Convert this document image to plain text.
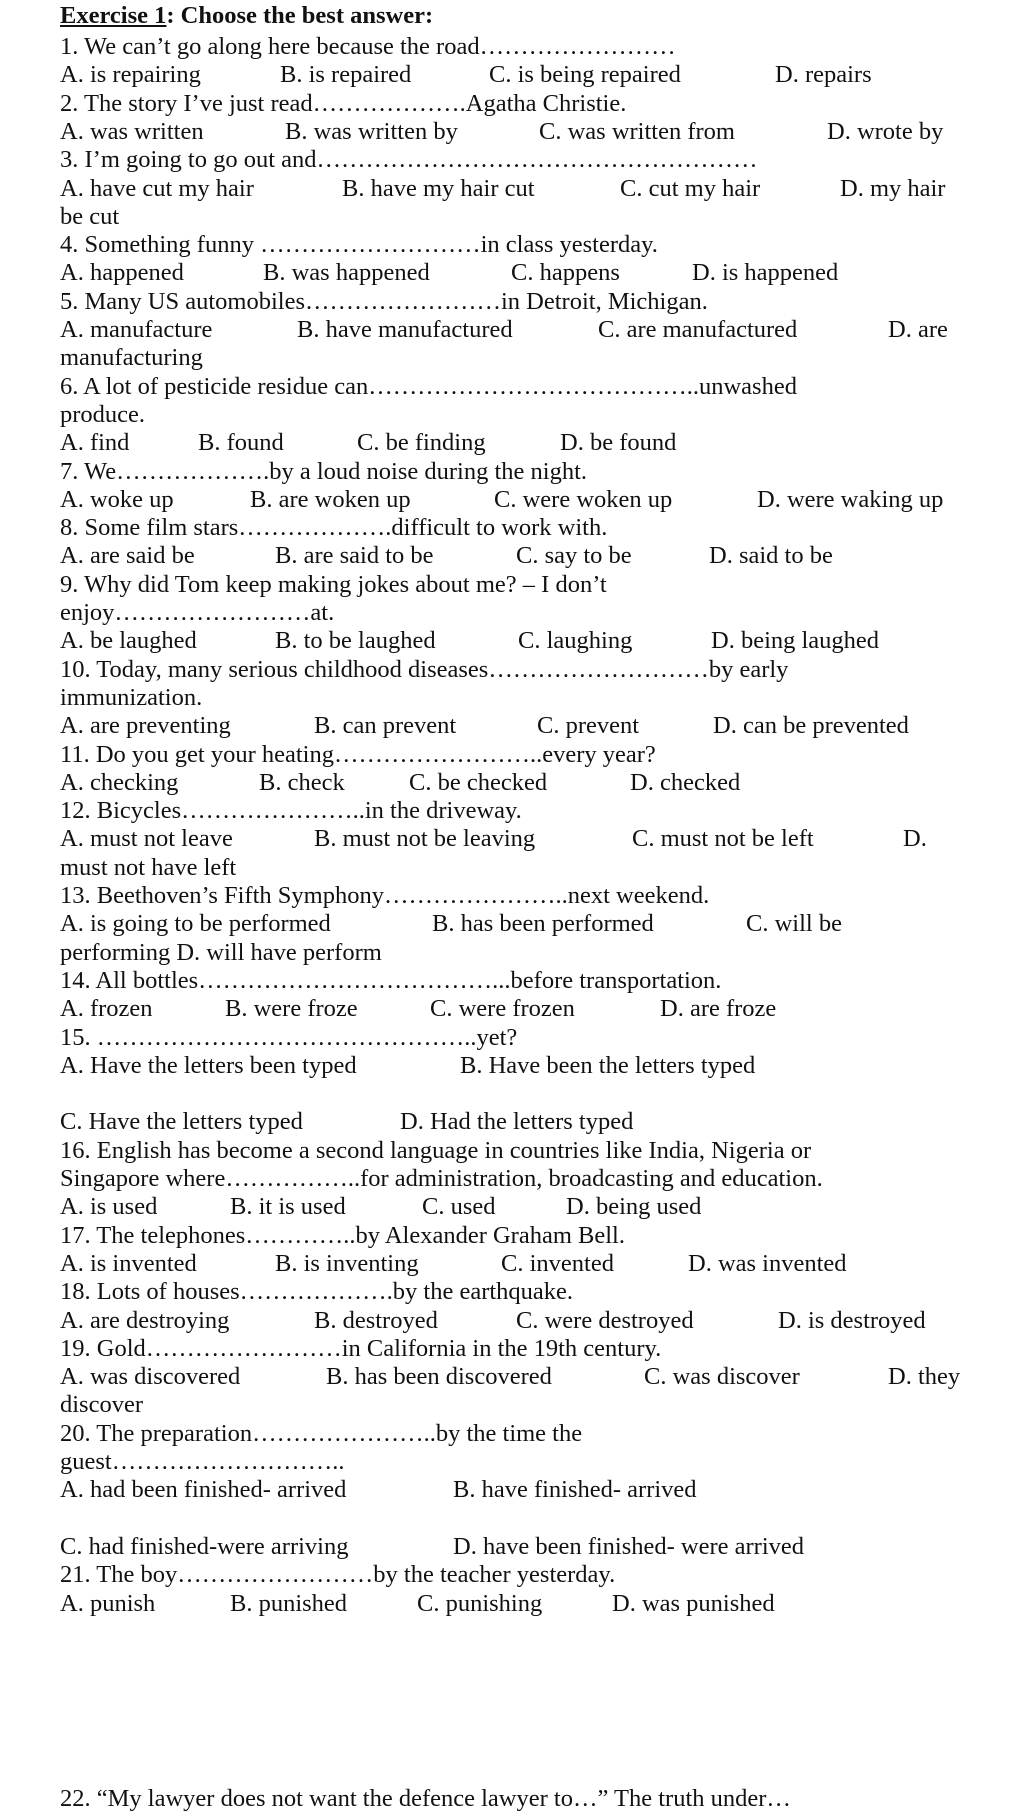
Exercise 1: Choose the best answer:
1. We can’t go along here because the road……………………
A. is repairing	B. is repaired	C. is being repaired	D. repairs
2. The story I’ve just read……………….Agatha Christie.
A. was written	B. was written by	C. was written from	D. wrote by
3. I’m going to go out and………………………………………………
A. have cut my hair	B. have my hair cut	C. cut my hair	D. my hair
be cut
4. Something funny ………………………in class yesterday.
A. happened	B. was happened	C. happens	D. is happened
5. Many US automobiles……………………in Detroit, Michigan.
A. manufacture	B. have manufactured	C. are manufactured	D. are
manufacturing
6. A lot of pesticide residue can…………………………………..unwashed
produce.
A. find	B. found	C. be finding	D. be found
7. We……………….by a loud noise during the night.
A. woke up	B. are woken up	C. were woken up	D. were waking up
8. Some film stars……………….difficult to work with.
A. are said be	B. are said to be	C. say to be	D. said to be
9. Why did Tom keep making jokes about me? – I don’t
enjoy……………………at.
A. be laughed	B. to be laughed	C. laughing	D. being laughed
10. Today, many serious childhood diseases………………………by early
immunization.
A. are preventing	B. can prevent	C. prevent	D. can be prevented
11. Do you get your heating……………………..every year?
A. checking	B. check	C. be checked	D. checked
12. Bicycles…………………..in the driveway.
A. must not leave	B. must not be leaving	C. must not be left	D.
must not have left
13. Beethoven’s Fifth Symphony…………………..next weekend.
A. is going to be performed	B. has been performed	C. will be
performing D. will have perform
14. All bottles………………………………...before transportation.
A. frozen	B. were froze	C. were frozen	D. are froze
15. ………………………………………..yet?
A. Have the letters been typed	B. Have been the letters typed
C. Have the letters typed	D. Had the letters typed
16. English has become a second language in countries like India, Nigeria or
Singapore where……………..for administration, broadcasting and education.
A. is used	B. it is used	C. used	D. being used
17. The telephones…………..by Alexander Graham Bell.
A. is invented	B. is inventing	C. invented	D. was invented
18. Lots of houses……………….by the earthquake.
A. are destroying	B. destroyed	C. were destroyed	D. is destroyed
19. Gold……………………in California in the 19th century.
A. was discovered	B. has been discovered	C. was discover	D. they
discover
20. The preparation…………………..by the time the
guest………………………..
A. had been finished- arrived	B. have finished- arrived
C. had finished-were arriving	D. have been finished- were arrived
21. The boy……………………by the teacher yesterday.
A. punish	B. punished	C. punishing	D. was punished
22. “My lawyer does not want the defence lawyer to…” The truth under…
